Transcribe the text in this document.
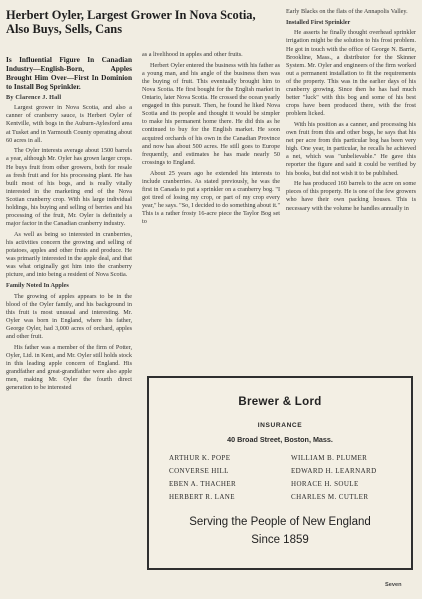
Herbert Oyler, Largest Grower In Nova Scotia, Also Buys, Sells, Cans

Is Influential Figure In Canadian Industry—English-Born, Apples Brought Him Over—First In Dominion to Install Bog Sprinkler.

By Clarence J. Hall

Largest grower in Nova Scotia, and also a canner of cranberry sauce, is Herbert Oyler of Kentville, with bogs in the Auburn-Aylesford area at Tusket and in Yarmouth County operating about 60 acres in all.

The Oyler interests average about 1500 barrels a year, although Mr. Oyler has grown larger crops. He buys fruit from other growers, both for resale as fresh fruit and for his processing plant. He has built most of his bogs, and is really vitally interested in the marketing end of the Nova Scotian cranberry crop. With his large individual holdings, his buying and selling of berries and his processing of the fruit, Mr. Oyler is definitely a major factor in the Canadian cranberry industry.

As well as being so interested in cranberries, his activities concern the growing and selling of potatoes, apples and other fruits and produce. He was primarily interested in the apple deal, and that was what originally got him into the cranberry picture, and into being a resident of Nova Scotia.

Family Noted In Apples

The growing of apples appears to be in the blood of the Oyler family, and his background in this fruit is most unusual and interesting. Mr. Oyler was born in England, where his father, George Oyler, had 3,000 acres of orchard, apples and other fruit.

His father was a member of the firm of Potter, Oyler, Ltd. in Kent, and Mr. Oyler still holds stock in this leading apple concern of England. His grandfather and great-grandfather were also apple men, making Mr. Oyler the fourth direct generation to be interested

as a livelihood in apples and other fruits.

Herbert Oyler entered the business with his father as a young man, and his angle of the business then was the buying of fruit. This eventually brought him to Nova Scotia. He first bought for the English market in Ontario, later Nova Scotia. He crossed the ocean yearly engaged in this pursuit. Then, he found he liked Nova Scotia and its people and thought it would be simpler to make his permanent home there. He did this as he continued to buy for the English market. He soon acquired orchards of his own in the Canadian Province and now has about 500 acres. He still goes to Europe frequently, and estimates he has made nearly 50 crossings to England.

About 25 years ago he extended his interests to include cranberries. As stated previously, he was the first in Canada to put a sprinkler on a cranberry bog. "I got tired of losing my crop, or part of my crop every year," he says. "So, I decided to do something about it." This is a rather frosty 16-acre piece the Taylor Bog set to

Early Blacks on the flats of the Annapolis Valley.

Installed First Sprinkler

He asserts he finally thought overhead sprinkler irrigation might be the solution to his frost problem. He got in touch with the office of George N. Barrie, Brookline, Mass., a distributor for the Skinner System. Mr. Oyler and engineers of the firm worked out a permanent installation to fit the requirements of the property. This was in the earlier days of his cranberry growing. Since then he has had much better "luck" with this bog and some of his best crops have been produced there, with the frost problem licked.

With his position as a canner, and processing his own fruit from this and other bogs, he says that his net per acre from this particular bog has been very high. One year, in particular, he recalls he achieved a net, which was "unbelievable." He gave this reporter the figure and said it could be verified by his books, but did not wish it to be published.

He has produced 160 barrels to the acre on some pieces of this property. He is one of the few growers who have their own packing houses. This is necessary with the volume he handles annually in

Brewer & Lord
INSURANCE
40 Broad Street, Boston, Mass.
ARTHUR K. POPE	WILLIAM B. PLUMER
CONVERSE HILL	EDWARD H. LEARNARD
EBEN A. THACHER	HORACE H. SOULE
HERBERT R. LANE	CHARLES M. CUTLER
Serving the People of New England
Since 1859
Seven
